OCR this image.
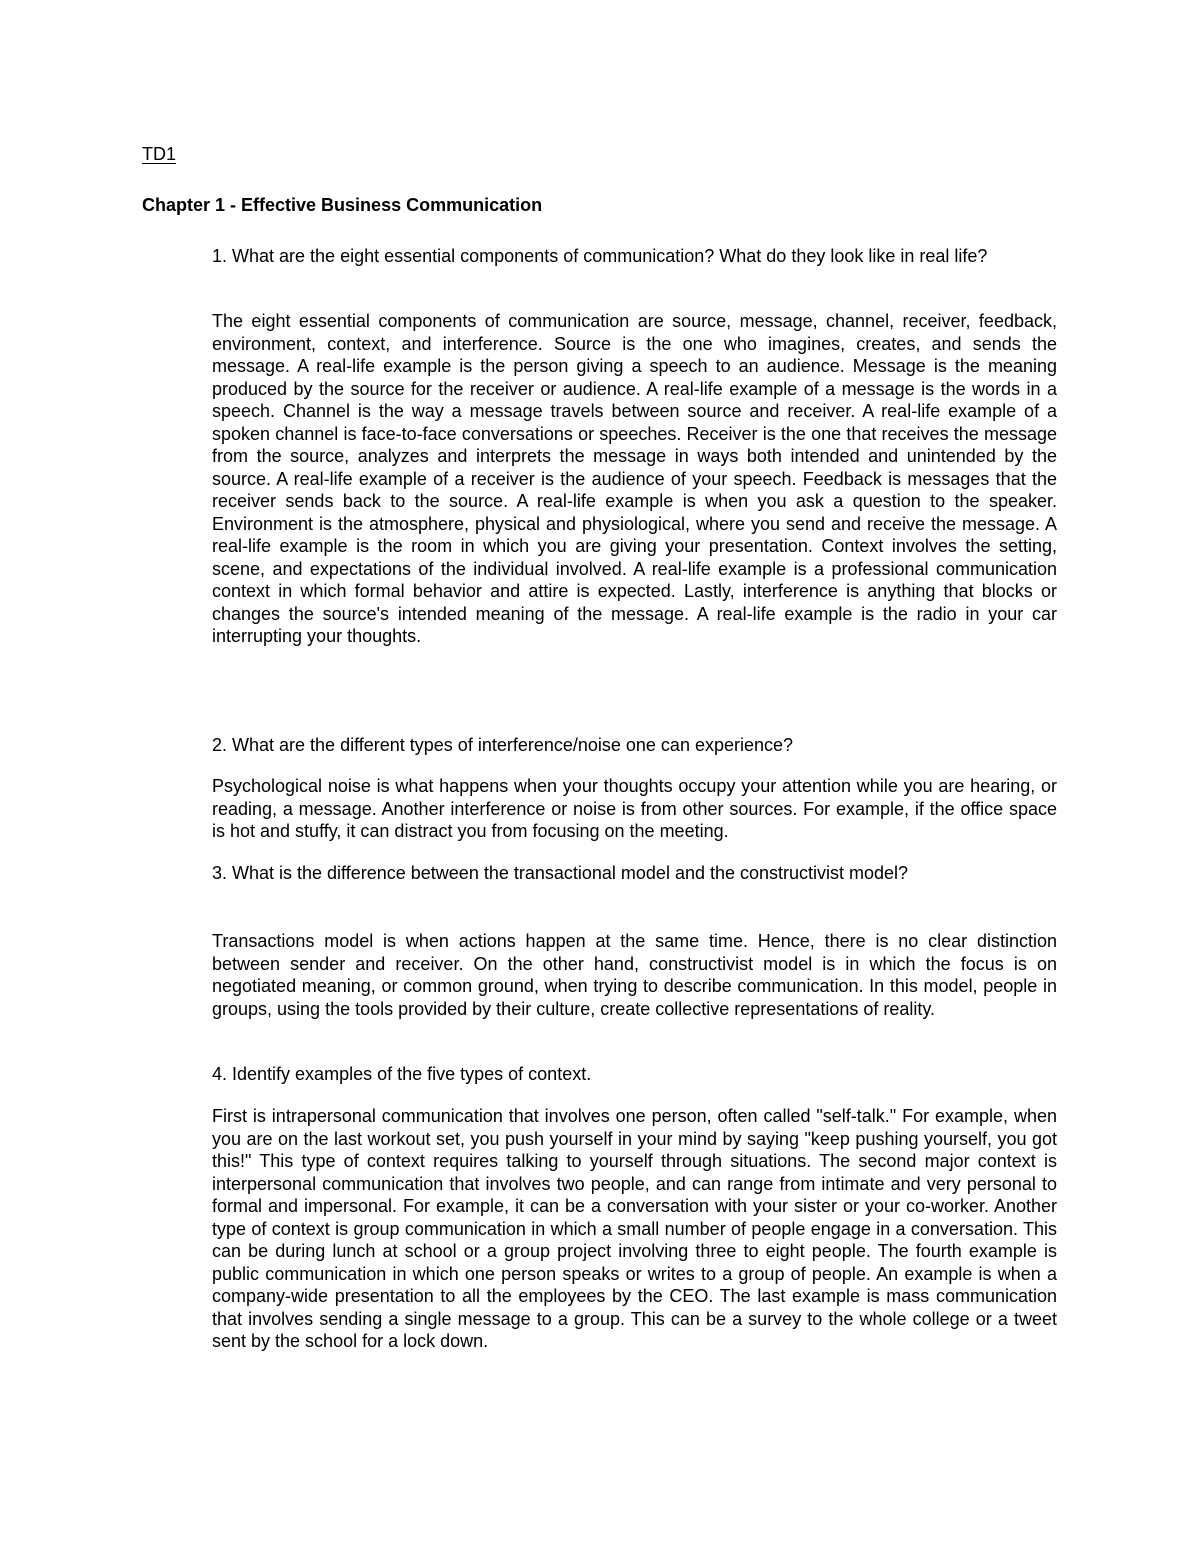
TD1

Chapter 1 - Effective Business Communication

1. What are the eight essential components of communication? What do they look like in real life?

The eight essential components of communication are source, message, channel, receiver, feedback, environment, context, and interference. Source is the one who imagines, creates, and sends the message. A real-life example is the person giving a speech to an audience. Message is the meaning produced by the source for the receiver or audience. A real-life example of a message is the words in a speech. Channel is the way a message travels between source and receiver. A real-life example of a spoken channel is face-to-face conversations or speeches. Receiver is the one that receives the message from the source, analyzes and interprets the message in ways both intended and unintended by the source. A real-life example of a receiver is the audience of your speech. Feedback is messages that the receiver sends back to the source. A real-life example is when you ask a question to the speaker. Environment is the atmosphere, physical and physiological, where you send and receive the message. A real-life example is the room in which you are giving your presentation. Context involves the setting, scene, and expectations of the individual involved. A real-life example is a professional communication context in which formal behavior and attire is expected. Lastly, interference is anything that blocks or changes the source's intended meaning of the message. A real-life example is the radio in your car interrupting your thoughts.

2. What are the different types of interference/noise one can experience?

Psychological noise is what happens when your thoughts occupy your attention while you are hearing, or reading, a message. Another interference or noise is from other sources. For example, if the office space is hot and stuffy, it can distract you from focusing on the meeting.

3. What is the difference between the transactional model and the constructivist model?

Transactions model is when actions happen at the same time. Hence, there is no clear distinction between sender and receiver. On the other hand, constructivist model is in which the focus is on negotiated meaning, or common ground, when trying to describe communication. In this model, people in groups, using the tools provided by their culture, create collective representations of reality.

4. Identify examples of the five types of context.

First is intrapersonal communication that involves one person, often called "self-talk." For example, when you are on the last workout set, you push yourself in your mind by saying "keep pushing yourself, you got this!" This type of context requires talking to yourself through situations. The second major context is interpersonal communication that involves two people, and can range from intimate and very personal to formal and impersonal. For example, it can be a conversation with your sister or your co-worker. Another type of context is group communication in which a small number of people engage in a conversation. This can be during lunch at school or a group project involving three to eight people. The fourth example is public communication in which one person speaks or writes to a group of people. An example is when a company-wide presentation to all the employees by the CEO. The last example is mass communication that involves sending a single message to a group. This can be a survey to the whole college or a tweet sent by the school for a lock down.
